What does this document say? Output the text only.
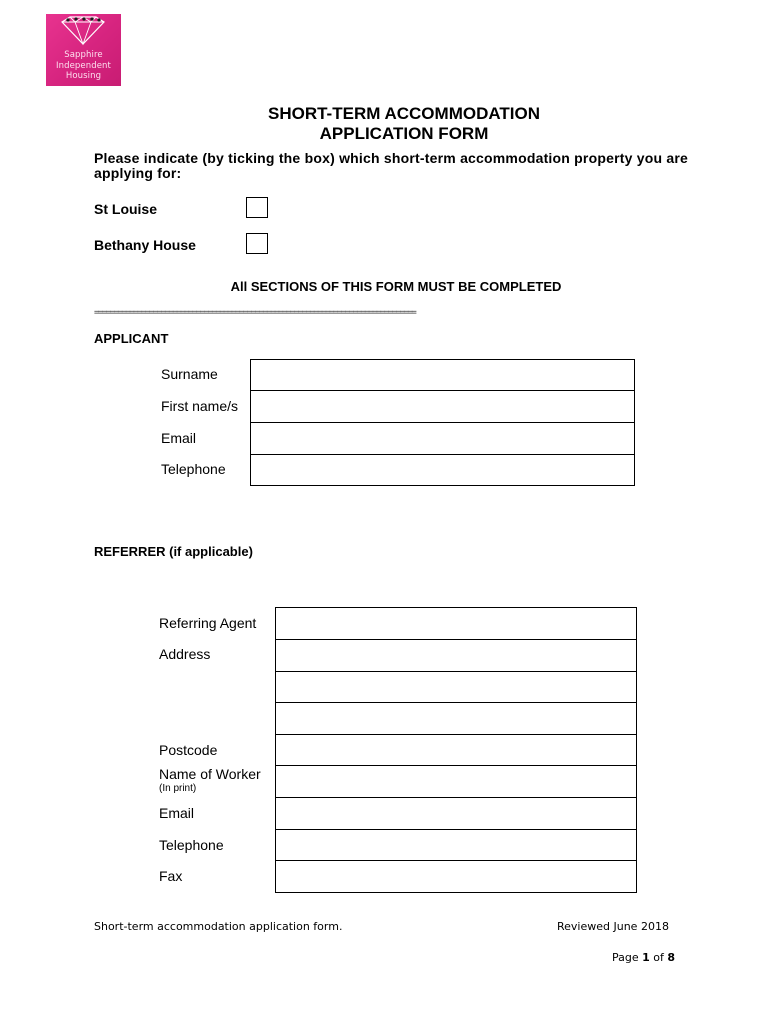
Sapphire
Independent
Housing
SHORT-TERM ACCOMMODATION
APPLICATION FORM
Please indicate (by ticking the box) which short-term accommodation property you are applying for:
St Louise
Bethany House
All SECTIONS OF THIS FORM MUST BE COMPLETED
==================================================================================
APPLICANT
Surname
First name/s
Email
Telephone
REFERRER (if applicable)
Referring Agent
Address
Postcode
Name of Worker
(In print)
Email
Telephone
Fax
Short-term accommodation application form.	Reviewed June 2018
Page 1 of 8
